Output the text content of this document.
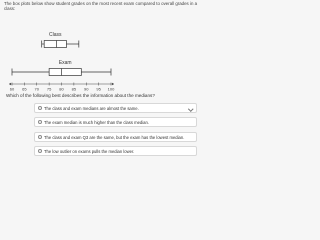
The box plots below show student grades on the most recent exam compared to overall grades in a class:
Class
Exam
60 65 70 75 80 85 90 95 100
Which of the following best describes the information about the medians?
The class and exam medians are almost the same.
The exam median is much higher than the class median.
The class and exam Q3 are the same, but the exam has the lowest median.
The low outlier on exams pulls the median lower.
